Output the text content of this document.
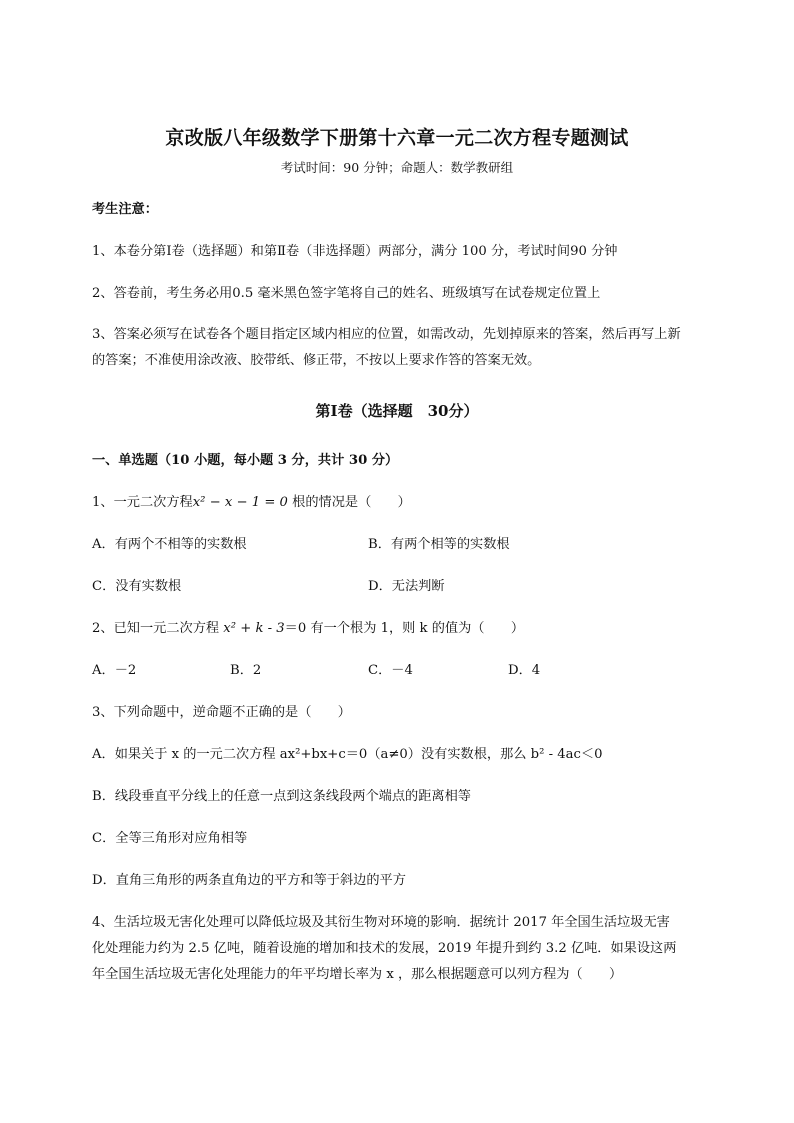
京改版八年级数学下册第十六章一元二次方程专题测试
考试时间：90 分钟；命题人：数学教研组
考生注意：
1、本卷分第Ⅰ卷（选择题）和第Ⅱ卷（非选择题）两部分，满分 100 分，考试时间90 分钟
2、答卷前，考生务必用0.5 毫米黑色签字笔将自己的姓名、班级填写在试卷规定位置上
3、答案必须写在试卷各个题目指定区域内相应的位置，如需改动，先划掉原来的答案，然后再写上新
的答案；不准使用涂改液、胶带纸、修正带，不按以上要求作答的答案无效。
第Ⅰ卷（选择题　30分）
一、单选题（10 小题，每小题 3 分，共计 30 分）
1、一元二次方程x² − x − 1 = 0 根的情况是（　　）
A．有两个不相等的实数根	B．有两个相等的实数根
C．没有实数根	D．无法判断
2、已知一元二次方程 x² + k - 3＝0 有一个根为 1，则 k 的值为（　　）
A．－2	B．2	C．－4	D．4
3、下列命题中，逆命题不正确的是（　　）
A．如果关于 x 的一元二次方程 ax²+bx+c＝0（a≠0）没有实数根，那么 b² - 4ac＜0
B．线段垂直平分线上的任意一点到这条线段两个端点的距离相等
C．全等三角形对应角相等
D．直角三角形的两条直角边的平方和等于斜边的平方
4、生活垃圾无害化处理可以降低垃圾及其衍生物对环境的影响．据统计 2017 年全国生活垃圾无害
化处理能力约为 2.5 亿吨，随着设施的增加和技术的发展，2019 年提升到约 3.2 亿吨．如果设这两
年全国生活垃圾无害化处理能力的年平均增长率为 x ，那么根据题意可以列方程为（　　）
